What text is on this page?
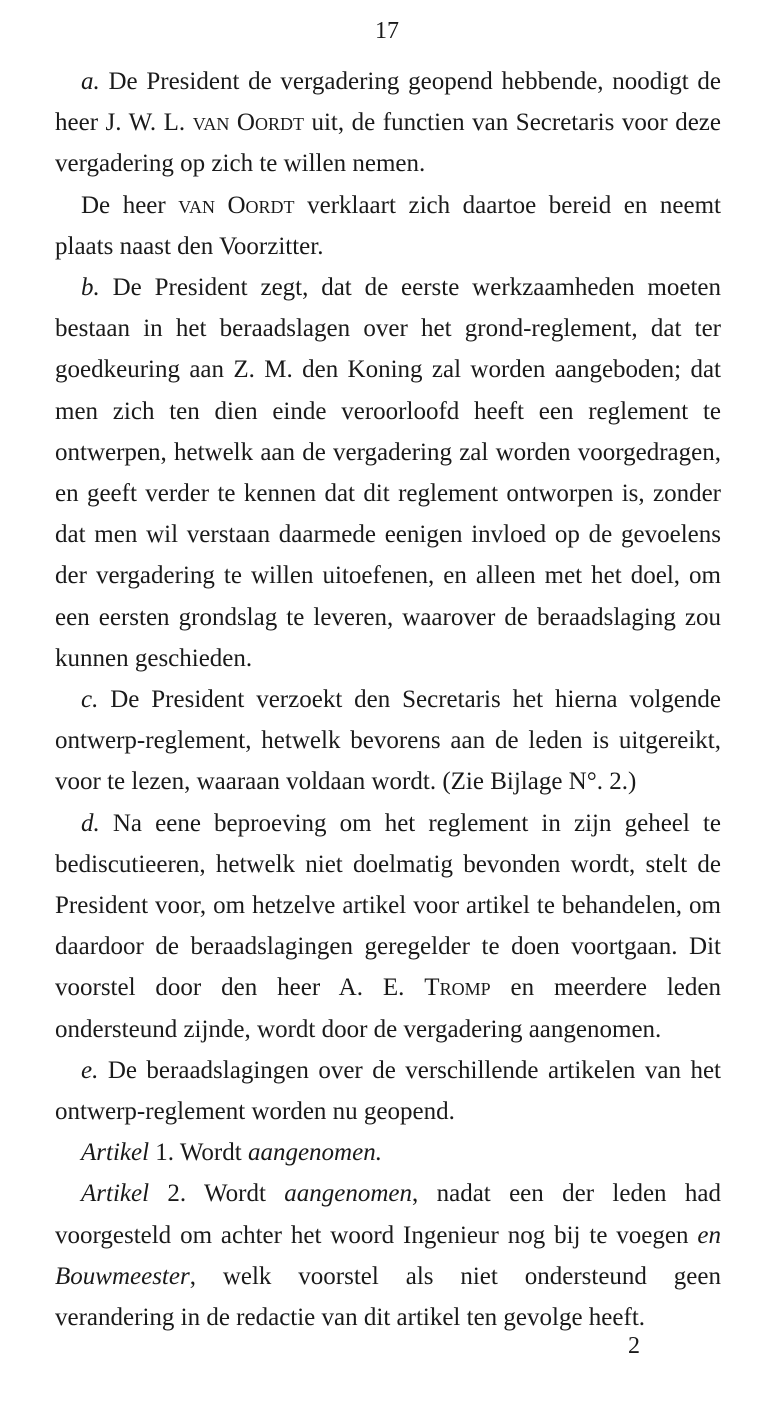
17

a. De President de vergadering geopend hebbende, noodigt de heer J. W. L. van Oordt uit, de functien van Secretaris voor deze vergadering op zich te willen nemen.

De heer van Oordt verklaart zich daartoe bereid en neemt plaats naast den Voorzitter.

b. De President zegt, dat de eerste werkzaamheden moeten bestaan in het beraadslagen over het grond-reglement, dat ter goedkeuring aan Z. M. den Koning zal worden aangeboden; dat men zich ten dien einde veroorloofd heeft een reglement te ontwerpen, hetwelk aan de vergadering zal worden voorgedragen, en geeft verder te kennen dat dit reglement ontworpen is, zonder dat men wil verstaan daarmede eenigen invloed op de gevoelens der vergadering te willen uitoefenen, en alleen met het doel, om een eersten grondslag te leveren, waarover de beraadslaging zou kunnen geschieden.

c. De President verzoekt den Secretaris het hierna volgende ontwerp-reglement, hetwelk bevorens aan de leden is uitgereikt, voor te lezen, waaraan voldaan wordt. (Zie Bijlage N°. 2.)

d. Na eene beproeving om het reglement in zijn geheel te bediscutieeren, hetwelk niet doelmatig bevonden wordt, stelt de President voor, om hetzelve artikel voor artikel te behandelen, om daardoor de beraadslagingen geregelder te doen voortgaan. Dit voorstel door den heer A. E. Tromp en meerdere leden ondersteund zijnde, wordt door de vergadering aangenomen.

e. De beraadslagingen over de verschillende artikelen van het ontwerp-reglement worden nu geopend.

Artikel 1. Wordt aangenomen.

Artikel 2. Wordt aangenomen, nadat een der leden had voorgesteld om achter het woord Ingenieur nog bij te voegen en Bouwmeester, welk voorstel als niet ondersteund geen verandering in de redactie van dit artikel ten gevolge heeft.

2
